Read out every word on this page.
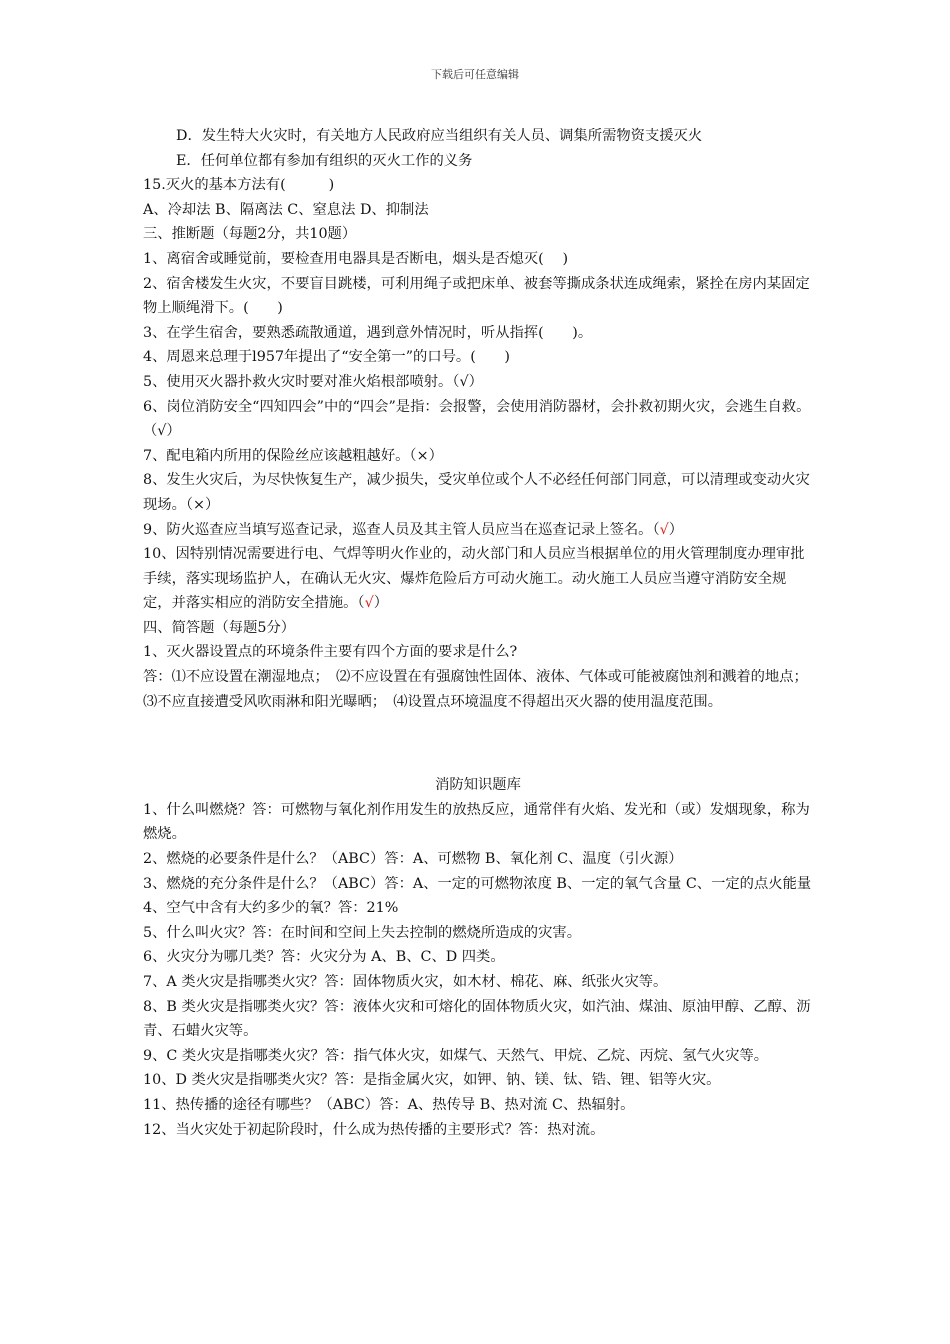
下载后可任意编辑
D．发生特大火灾时，有关地方人民政府应当组织有关人员、调集所需物资支援灭火
E．任何单位都有参加有组织的灭火工作的义务
15.灭火的基本方法有(　　　)
A、冷却法 B、隔离法 C、窒息法 D、抑制法
三、推断题（每题2分，共10题）
1、离宿舍或睡觉前，要检查用电器具是否断电，烟头是否熄灭(　 )
2、宿舍楼发生火灾，不要盲目跳楼，可利用绳子或把床单、被套等撕成条状连成绳索，紧拴在房内某固定物上顺绳滑下。(　　)
3、在学生宿舍，要熟悉疏散通道，遇到意外情况时，听从指挥(　　)。
4、周恩来总理于l957年提出了“安全第一”的口号。(　　)
5、使用灭火器扑救火灾时要对准火焰根部喷射。（√）
6、岗位消防安全“四知四会”中的“四会”是指：会报警，会使用消防器材，会扑救初期火灾，会逃生自救。（√）
7、配电箱内所用的保险丝应该越粗越好。（×）
8、发生火灾后，为尽快恢复生产，减少损失，受灾单位或个人不必经任何部门同意，可以清理或变动火灾现场。（×）
9、防火巡查应当填写巡查记录，巡查人员及其主管人员应当在巡查记录上签名。（√）
10、因特别情况需要进行电、气焊等明火作业的，动火部门和人员应当根据单位的用火管理制度办理审批手续，落实现场监护人，在确认无火灾、爆炸危险后方可动火施工。动火施工人员应当遵守消防安全规定，并落实相应的消防安全措施。（√）
四、简答题（每题5分）
1、灭火器设置点的环境条件主要有四个方面的要求是什么?
答：⑴不应设置在潮湿地点；　⑵不应设置在有强腐蚀性固体、液体、气体或可能被腐蚀剂和溅着的地点；　⑶不应直接遭受风吹雨淋和阳光曝晒；　⑷设置点环境温度不得超出灭火器的使用温度范围。
消防知识题库
1、什么叫燃烧？答：可燃物与氧化剂作用发生的放热反应，通常伴有火焰、发光和（或）发烟现象，称为燃烧。
2、燃烧的必要条件是什么？（ABC）答：A、可燃物 B、氧化剂 C、温度（引火源）
3、燃烧的充分条件是什么？（ABC）答：A、一定的可燃物浓度 B、一定的氧气含量 C、一定的点火能量
4、空气中含有大约多少的氧？答：21%
5、什么叫火灾？答：在时间和空间上失去控制的燃烧所造成的灾害。
6、火灾分为哪几类？答：火灾分为 A、B、C、D 四类。
7、A 类火灾是指哪类火灾？答：固体物质火灾，如木材、棉花、麻、纸张火灾等。
8、B 类火灾是指哪类火灾？答：液体火灾和可熔化的固体物质火灾，如汽油、煤油、原油甲醇、乙醇、沥青、石蜡火灾等。
9、C 类火灾是指哪类火灾？答：指气体火灾，如煤气、天然气、甲烷、乙烷、丙烷、氢气火灾等。
10、D 类火灾是指哪类火灾？答：是指金属火灾，如钾、钠、镁、钛、锆、锂、铝等火灾。
11、热传播的途径有哪些？（ABC）答：A、热传导 B、热对流 C、热辐射。
12、当火灾处于初起阶段时，什么成为热传播的主要形式？答：热对流。
